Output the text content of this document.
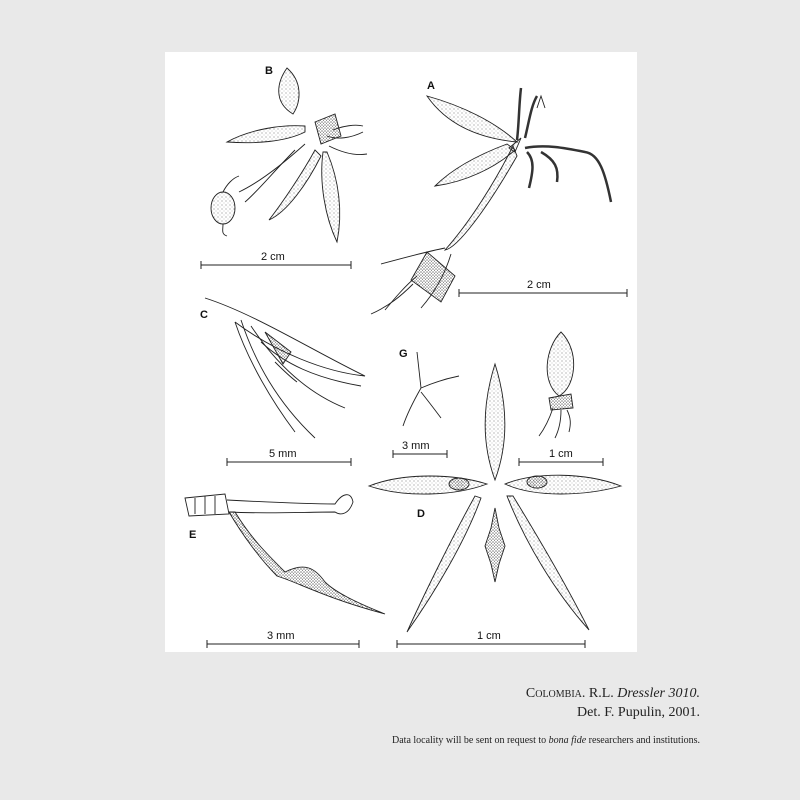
B
A
C
G
D
E
2 cm
2 cm
5 mm
3 mm
1 cm
3 mm	1 cm
Colombia. R.L. Dressler 3010.
Det. F. Pupulin, 2001.
Data locality will be sent on request to bona fide researchers and institutions.
